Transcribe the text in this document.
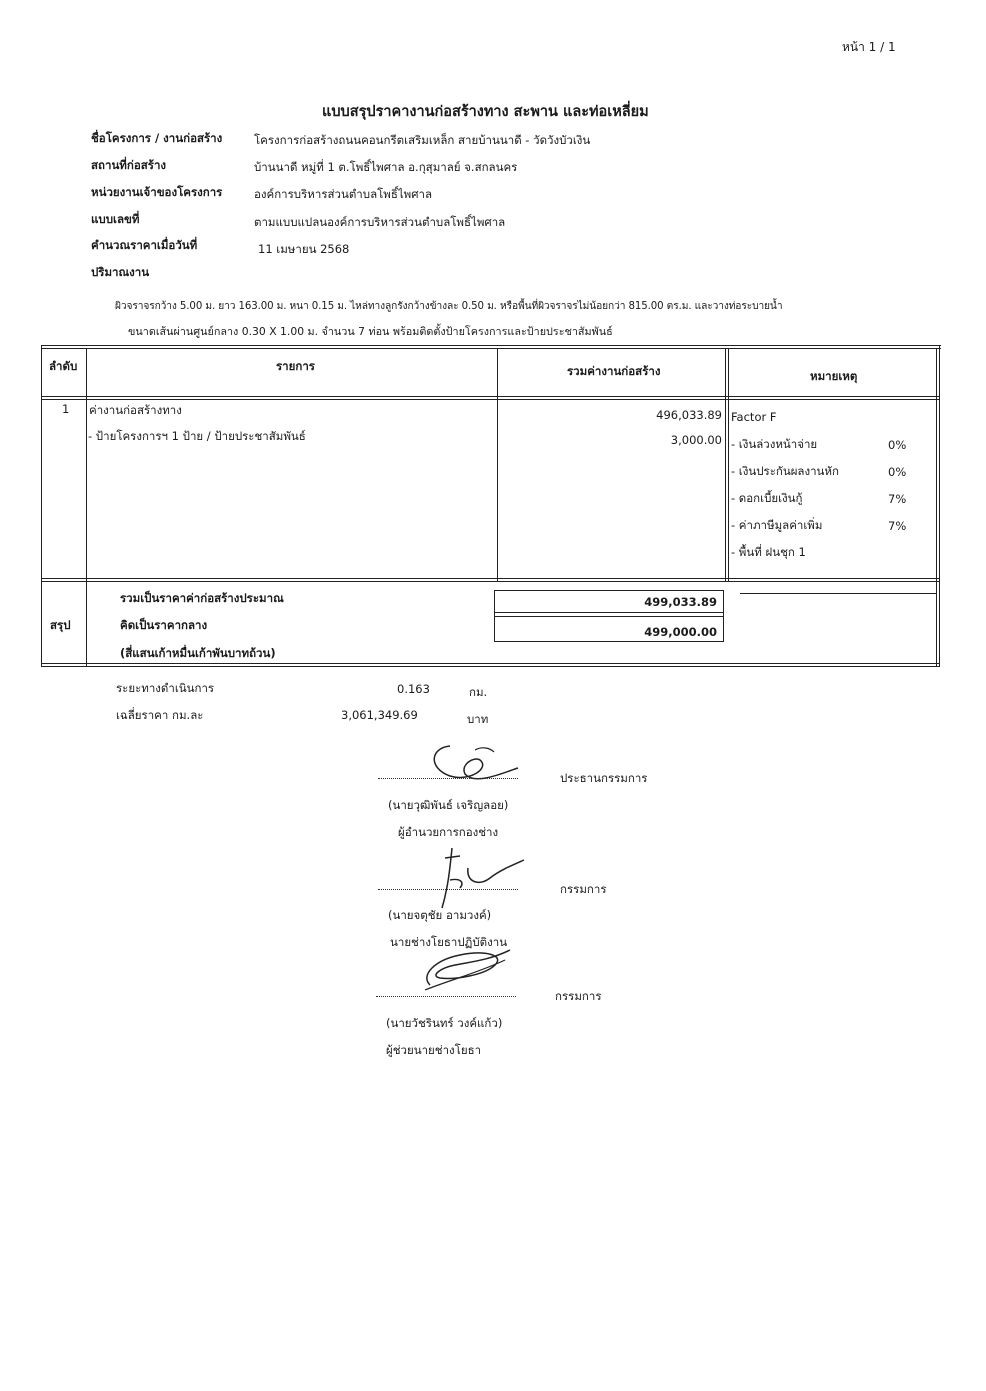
หน้า 1 / 1
แบบสรุปราคางานก่อสร้างทาง สะพาน และท่อเหลี่ยม
ชื่อโครงการ / งานก่อสร้าง	โครงการก่อสร้างถนนคอนกรีตเสริมเหล็ก สายบ้านนาดี - วัดวังบัวเงิน
สถานที่ก่อสร้าง	บ้านนาดี หมู่ที่ 1 ต.โพธิ์ไพศาล อ.กุสุมาลย์ จ.สกลนคร
หน่วยงานเจ้าของโครงการ	องค์การบริหารส่วนตำบลโพธิ์ไพศาล
แบบเลขที่	ตามแบบแปลนองค์การบริหารส่วนตำบลโพธิ์ไพศาล
คำนวณราคาเมื่อวันที่	11 เมษายน 2568
ปริมาณงาน
ผิวจราจรกว้าง 5.00 ม. ยาว 163.00 ม. หนา 0.15 ม. ไหล่ทางลูกรังกว้างข้างละ 0.50 ม. หรือพื้นที่ผิวจราจรไม่น้อยกว่า 815.00 ตร.ม. และวางท่อระบายน้ำ
ขนาดเส้นผ่านศูนย์กลาง 0.30 X 1.00 ม. จำนวน 7 ท่อน พร้อมติดตั้งป้ายโครงการและป้ายประชาสัมพันธ์
ลำดับ	รายการ	รวมค่างานก่อสร้าง	หมายเหตุ
1 ค่างานก่อสร้างทาง	496,033.89
- ป้ายโครงการฯ 1 ป้าย / ป้ายประชาสัมพันธ์	3,000.00
Factor F
- เงินล่วงหน้าจ่าย	0%
- เงินประกันผลงานหัก	0%
- ดอกเบี้ยเงินกู้	7%
- ค่าภาษีมูลค่าเพิ่ม	7%
- พื้นที่ ฝนชุก 1
สรุป
รวมเป็นราคาค่าก่อสร้างประมาณ	499,033.89
คิดเป็นราคากลาง	499,000.00
(สี่แสนเก้าหมื่นเก้าพันบาทถ้วน)
ระยะทางดำเนินการ	0.163	กม.
เฉลี่ยราคา กม.ละ	3,061,349.69	บาท
ประธานกรรมการ
(นายวุฒิพันธ์ เจริญลอย)
ผู้อำนวยการกองช่าง
กรรมการ
(นายจตุชัย อามวงค์)
นายช่างโยธาปฏิบัติงาน
กรรมการ
(นายวัชรินทร์ วงค์แก้ว)
ผู้ช่วยนายช่างโยธา
